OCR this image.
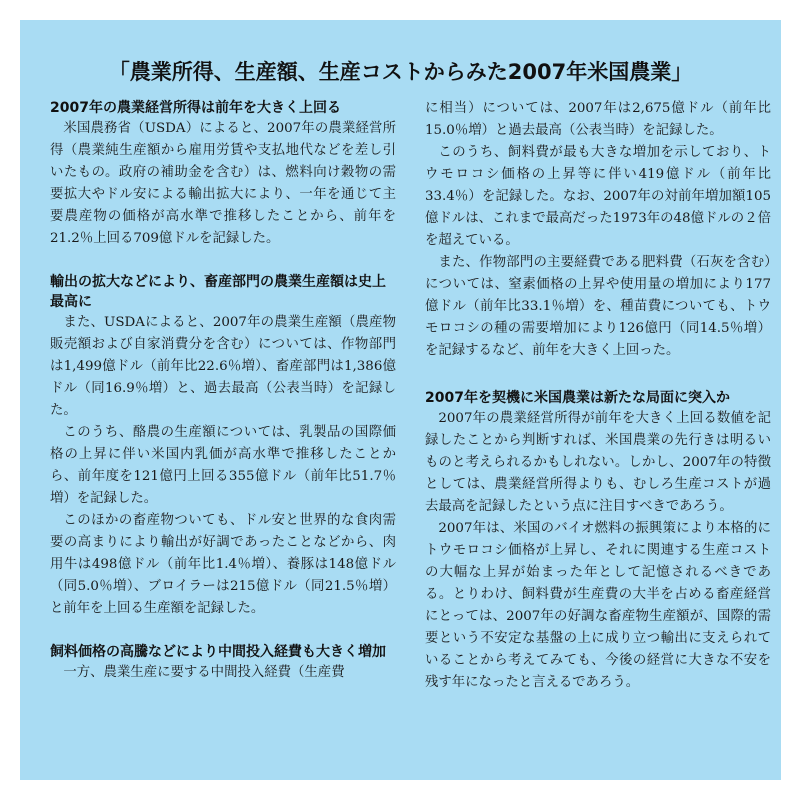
「農業所得、生産額、生産コストからみた2007年米国農業」

2007年の農業経営所得は前年を大きく上回る

米国農務省（USDA）によると、2007年の農業経営所得（農業純生産額から雇用労賃や支払地代などを差し引いたもの。政府の補助金を含む）は、燃料向け穀物の需要拡大やドル安による輸出拡大により、一年を通じて主要農産物の価格が高水準で推移したことから、前年を21.2％上回る709億ドルを記録した。

輸出の拡大などにより、畜産部門の農業生産額は史上最高に

また、USDAによると、2007年の農業生産額（農産物販売額および自家消費分を含む）については、作物部門は1,499億ドル（前年比22.6％増）、畜産部門は1,386億ドル（同16.9％増）と、過去最高（公表当時）を記録した。

このうち、酪農の生産額については、乳製品の国際価格の上昇に伴い米国内乳価が高水準で推移したことから、前年度を121億円上回る355億ドル（前年比51.7％増）を記録した。

このほかの畜産物ついても、ドル安と世界的な食肉需要の高まりにより輸出が好調であったことなどから、肉用牛は498億ドル（前年比1.4％増）、養豚は148億ドル（同5.0％増）、ブロイラーは215億ドル（同21.5％増）と前年を上回る生産額を記録した。

飼料価格の高騰などにより中間投入経費も大きく増加

一方、農業生産に要する中間投入経費（生産費

に相当）については、2007年は2,675億ドル（前年比15.0％増）と過去最高（公表当時）を記録した。

このうち、飼料費が最も大きな増加を示しており、トウモロコシ価格の上昇等に伴い419億ドル（前年比33.4％）を記録した。なお、2007年の対前年増加額105億ドルは、これまで最高だった1973年の48億ドルの２倍を超えている。

また、作物部門の主要経費である肥料費（石灰を含む）については、窒素価格の上昇や使用量の増加により177億ドル（前年比33.1％増）を、種苗費についても、トウモロコシの種の需要増加により126億円（同14.5％増）を記録するなど、前年を大きく上回った。

2007年を契機に米国農業は新たな局面に突入か

2007年の農業経営所得が前年を大きく上回る数値を記録したことから判断すれば、米国農業の先行きは明るいものと考えられるかもしれない。しかし、2007年の特徴としては、農業経営所得よりも、むしろ生産コストが過去最高を記録したという点に注目すべきであろう。

2007年は、米国のバイオ燃料の振興策により本格的にトウモロコシ価格が上昇し、それに関連する生産コストの大幅な上昇が始まった年として記憶されるべきである。とりわけ、飼料費が生産費の大半を占める畜産経営にとっては、2007年の好調な畜産物生産額が、国際的需要という不安定な基盤の上に成り立つ輸出に支えられていることから考えてみても、今後の経営に大きな不安を残す年になったと言えるであろう。
